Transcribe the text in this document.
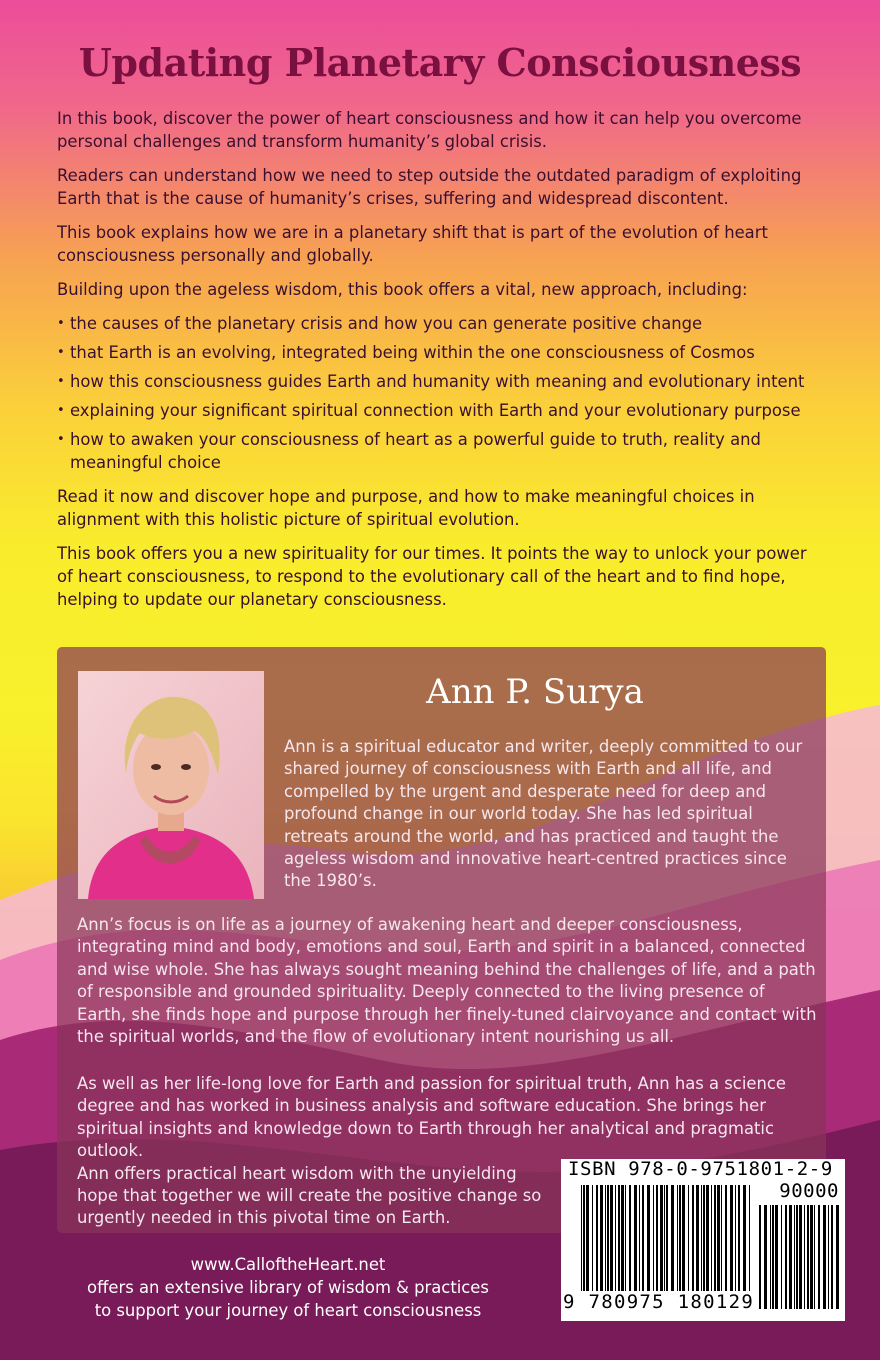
Updating Planetary Consciousness

In this book, discover the power of heart consciousness and how it can help you overcome personal challenges and transform humanity’s global crisis.

Readers can understand how we need to step outside the outdated paradigm of exploiting Earth that is the cause of humanity’s crises, suffering and widespread discontent.

This book explains how we are in a planetary shift that is part of the evolution of heart consciousness personally and globally.

Building upon the ageless wisdom, this book offers a vital, new approach, including:

• the causes of the planetary crisis and how you can generate positive change
• that Earth is an evolving, integrated being within the one consciousness of Cosmos
• how this consciousness guides Earth and humanity with meaning and evolutionary intent
• explaining your significant spiritual connection with Earth and your evolutionary purpose
• how to awaken your consciousness of heart as a powerful guide to truth, reality and meaningful choice

Read it now and discover hope and purpose, and how to make meaningful choices in alignment with this holistic picture of spiritual evolution.

This book offers you a new spirituality for our times. It points the way to unlock your power of heart consciousness, to respond to the evolutionary call of the heart and to find hope, helping to update our planetary consciousness.

Ann P. Surya

Ann is a spiritual educator and writer, deeply committed to our shared journey of consciousness with Earth and all life, and compelled by the urgent and desperate need for deep and profound change in our world today. She has led spiritual retreats around the world, and has practiced and taught the ageless wisdom and innovative heart-centred practices since the 1980’s.

Ann’s focus is on life as a journey of awakening heart and deeper consciousness, integrating mind and body, emotions and soul, Earth and spirit in a balanced, connected and wise whole. She has always sought meaning behind the challenges of life, and a path of responsible and grounded spirituality. Deeply connected to the living presence of Earth, she finds hope and purpose through her finely-tuned clairvoyance and contact with the spiritual worlds, and the flow of evolutionary intent nourishing us all.

As well as her life-long love for Earth and passion for spiritual truth, Ann has a science degree and has worked in business analysis and software education. She brings her spiritual insights and knowledge down to Earth through her analytical and pragmatic outlook.
Ann offers practical heart wisdom with the unyielding hope that together we will create the positive change so urgently needed in this pivotal time on Earth.

www.CalloftheHeart.net

offers an extensive library of wisdom & practices

to support your journey of heart consciousness

ISBN 978-0-9751801-2-9
90000
9 780975 180129
